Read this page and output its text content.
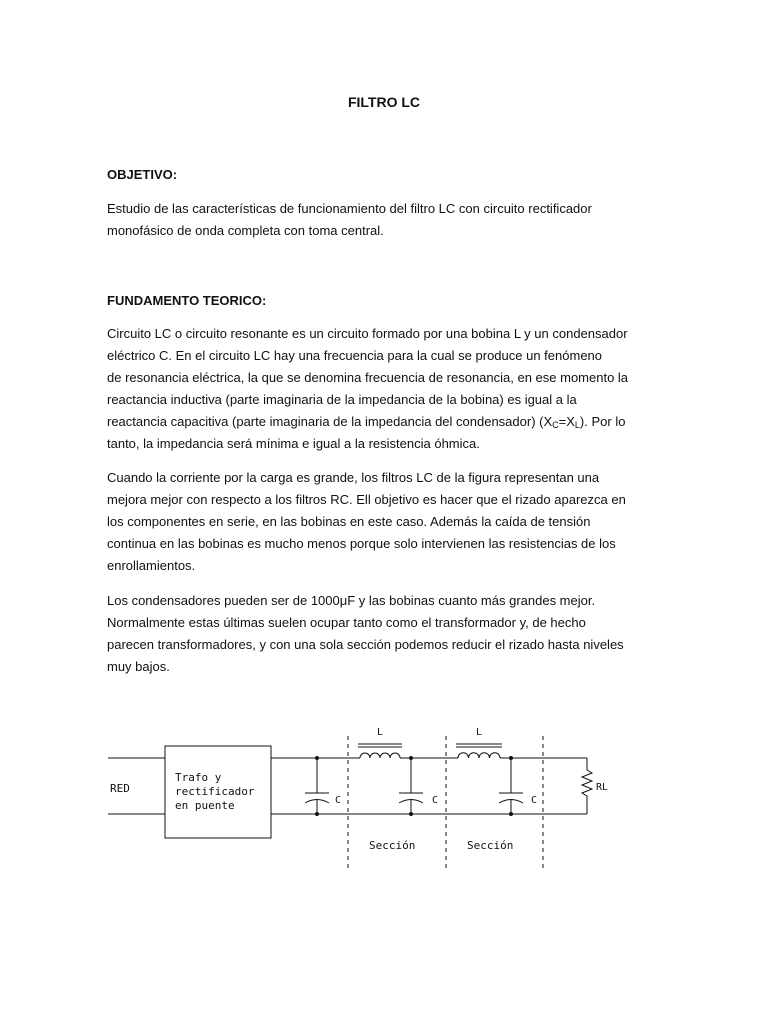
FILTRO LC
OBJETIVO:
Estudio de las características de funcionamiento del filtro LC con circuito rectificador
monofásico de onda completa con toma central.
FUNDAMENTO TEORICO:
Circuito LC o circuito resonante es un circuito formado por una bobina L y un condensador
eléctrico C. En el circuito LC hay una frecuencia para la cual se produce un fenómeno
de resonancia eléctrica, la que se denomina frecuencia de resonancia, en ese momento la
reactancia inductiva (parte imaginaria de la impedancia de la bobina) es igual a la
reactancia capacitiva (parte imaginaria de la impedancia del condensador) $(X_C=X_L)$. Por lo
tanto, la impedancia será mínima e igual a la resistencia óhmica.
Cuando la corriente por la carga es grande, los filtros LC de la figura representan una
mejora mejor con respecto a los filtros RC. Ell objetivo es hacer que el rizado aparezca en
los componentes en serie, en las bobinas en este caso. Además la caída de tensión
continua en las bobinas es mucho menos porque solo intervienen las resistencias de los
enrollamientos.
Los condensadores pueden ser de 1000μF y las bobinas cuanto más grandes mejor.
Normalmente estas últimas suelen ocupar tanto como el transformador y, de hecho
parecen transformadores, y con una sola sección podemos reducir el rizado hasta niveles
muy bajos.
RED
Trafo y
rectificador
en puente
L	L
C	C	C
RL
Sección	Sección
